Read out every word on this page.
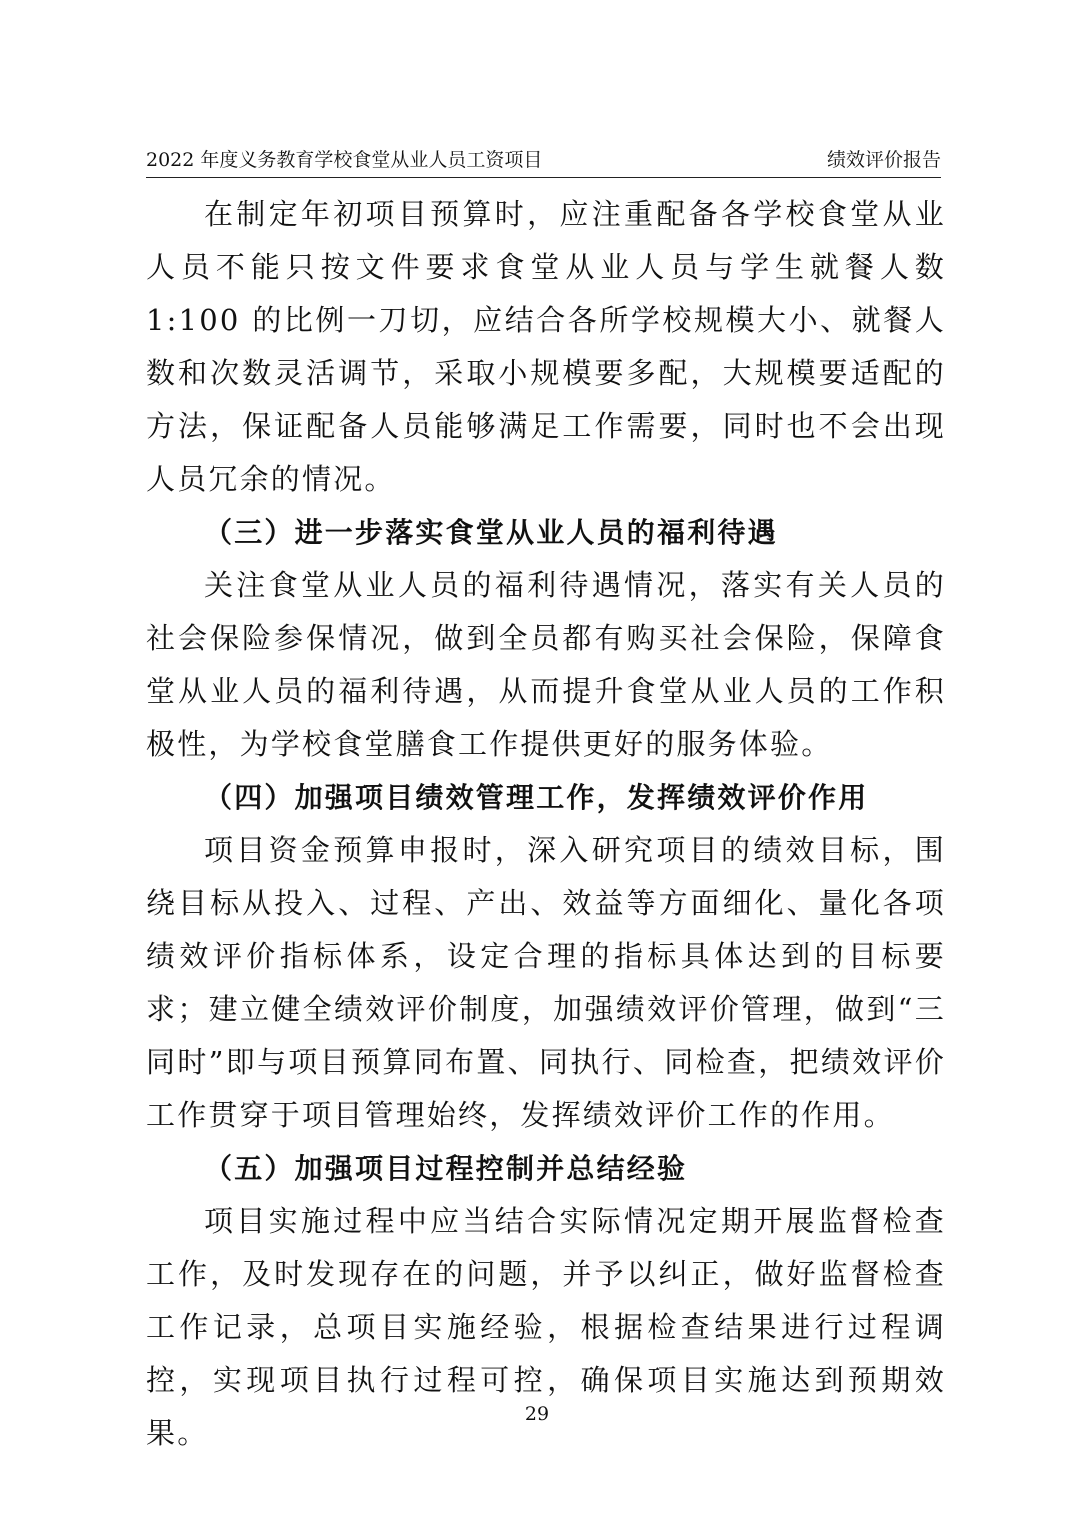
2022 年度义务教育学校食堂从业人员工资项目	绩效评价报告

在制定年初项目预算时，应注重配备各学校食堂从业人员不能只按文件要求食堂从业人员与学生就餐人数 1:100 的比例一刀切，应结合各所学校规模大小、就餐人数和次数灵活调节，采取小规模要多配，大规模要适配的方法，保证配备人员能够满足工作需要，同时也不会出现人员冗余的情况。

（三）进一步落实食堂从业人员的福利待遇

关注食堂从业人员的福利待遇情况，落实有关人员的社会保险参保情况，做到全员都有购买社会保险，保障食堂从业人员的福利待遇，从而提升食堂从业人员的工作积极性，为学校食堂膳食工作提供更好的服务体验。

（四）加强项目绩效管理工作，发挥绩效评价作用

项目资金预算申报时，深入研究项目的绩效目标，围绕目标从投入、过程、产出、效益等方面细化、量化各项绩效评价指标体系，设定合理的指标具体达到的目标要求；建立健全绩效评价制度，加强绩效评价管理，做到“三同时”即与项目预算同布置、同执行、同检查，把绩效评价工作贯穿于项目管理始终，发挥绩效评价工作的作用。

（五）加强项目过程控制并总结经验

项目实施过程中应当结合实际情况定期开展监督检查工作，及时发现存在的问题，并予以纠正，做好监督检查工作记录，总项目实施经验，根据检查结果进行过程调控，实现项目执行过程可控，确保项目实施达到预期效果。

29
